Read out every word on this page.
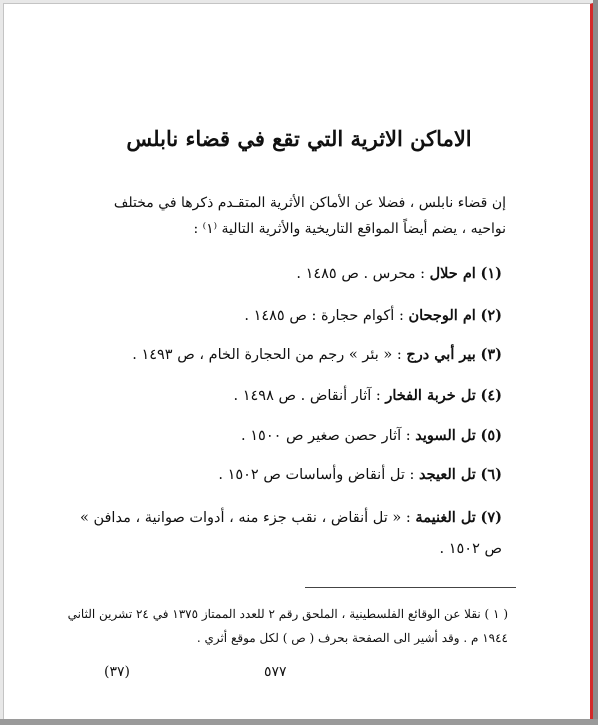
الاماكن الاثرية التي تقع في قضاء نابلس
إن قضاء نابلس ، فضلا عن الأماكن الأثرية المتقـدم ذكرها في مختلف
نواحيه ، يضم أيضاً المواقع التاريخية والأثرية التالية ⁽١⁾ :
(١) ام حلال : محرس . ص ١٤٨٥ .
(٢) ام الوجحان : أكوام حجارة : ص ١٤٨٥ .
(٣) بير أبي درج : « بئر » رجم من الحجارة الخام ، ص ١٤٩٣ .
(٤) تل خربة الفخار : آثار أنقاض . ص ١٤٩٨ .
(٥) تل السويد : آثار حصن صغير ص ١٥٠٠ .
(٦) تل العيجد : تل أنقاض وأساسات ص ١٥٠٢ .
(٧) تل الغنيمة : « تل أنقاض ، نقب جزء منه ، أدوات صوانية ، مدافن »
ص ١٥٠٢ .
( ١ ) نقلا عن الوقائع الفلسطينية ، الملحق رقم ٢ للعدد الممتاز ١٣٧٥ في ٢٤ تشرين الثاني
١٩٤٤ م . وقد أشير الى الصفحة بحرف ( ص ) لكل موقع أثري .
٥٧٧
(٣٧)
